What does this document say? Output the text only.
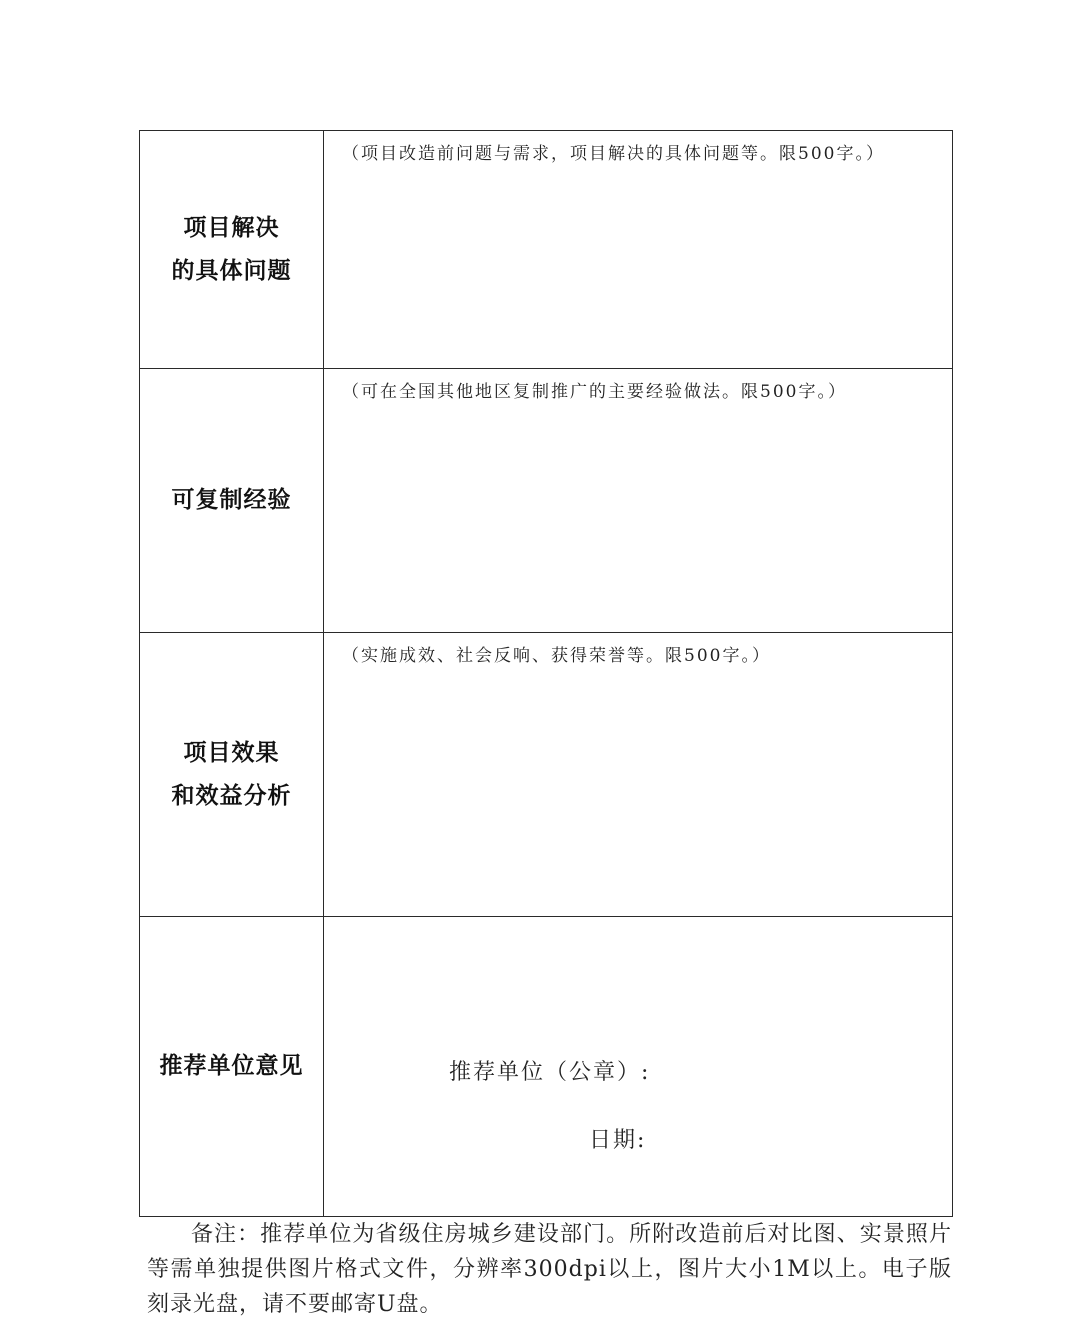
项目解决
的具体问题	（项目改造前问题与需求，项目解决的具体问题等。限500字。）

可复制经验	（可在全国其他地区复制推广的主要经验做法。限500字。）

项目效果
和效益分析	（实施成效、社会反响、获得荣誉等。限500字。）

推荐单位意见	推荐单位（公章）:
日期:
备注：推荐单位为省级住房城乡建设部门。所附改造前后对比图、实景照片等需单独提供图片格式文件，分辨率300dpi以上，图片大小1M以上。电子版刻录光盘，请不要邮寄U盘。
